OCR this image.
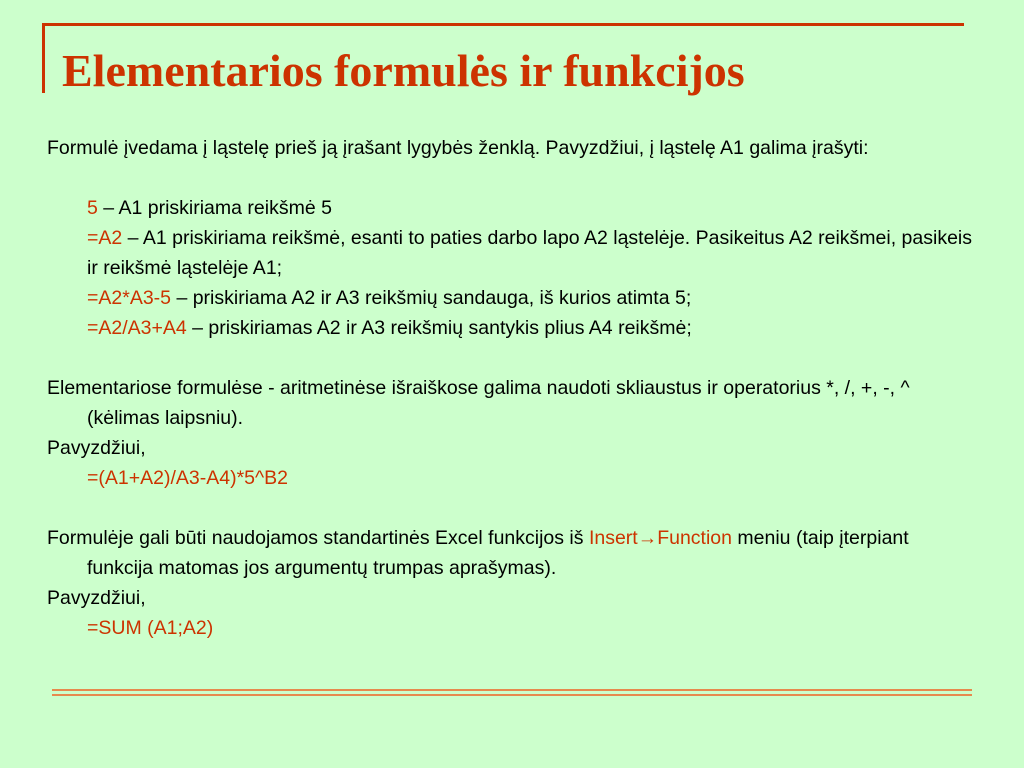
Elementarios formulės ir funkcijos

Formulė įvedama į ląstelę prieš ją įrašant lygybės ženklą. Pavyzdžiui, į ląstelę A1 galima įrašyti:

5 – A1 priskiriama reikšmė 5

=A2 – A1 priskiriama reikšmė, esanti to paties darbo lapo A2 ląstelėje. Pasikeitus A2 reikšmei, pasikeis ir reikšmė ląstelėje A1;

=A2*A3-5 – priskiriama A2 ir A3 reikšmių sandauga, iš kurios atimta 5;

=A2/A3+A4 – priskiriamas A2 ir A3 reikšmių santykis plius A4 reikšmė;

Elementariose formulėse - aritmetinėse išraiškose galima naudoti skliaustus ir operatorius *, /, +, -, ^ (kėlimas laipsniu).

Pavyzdžiui,

=(A1+A2)/A3-A4)*5^B2

Formulėje gali būti naudojamos standartinės Excel funkcijos iš Insert→Function meniu (taip įterpiant funkcija matomas jos argumentų trumpas aprašymas).

Pavyzdžiui,

=SUM (A1;A2)
